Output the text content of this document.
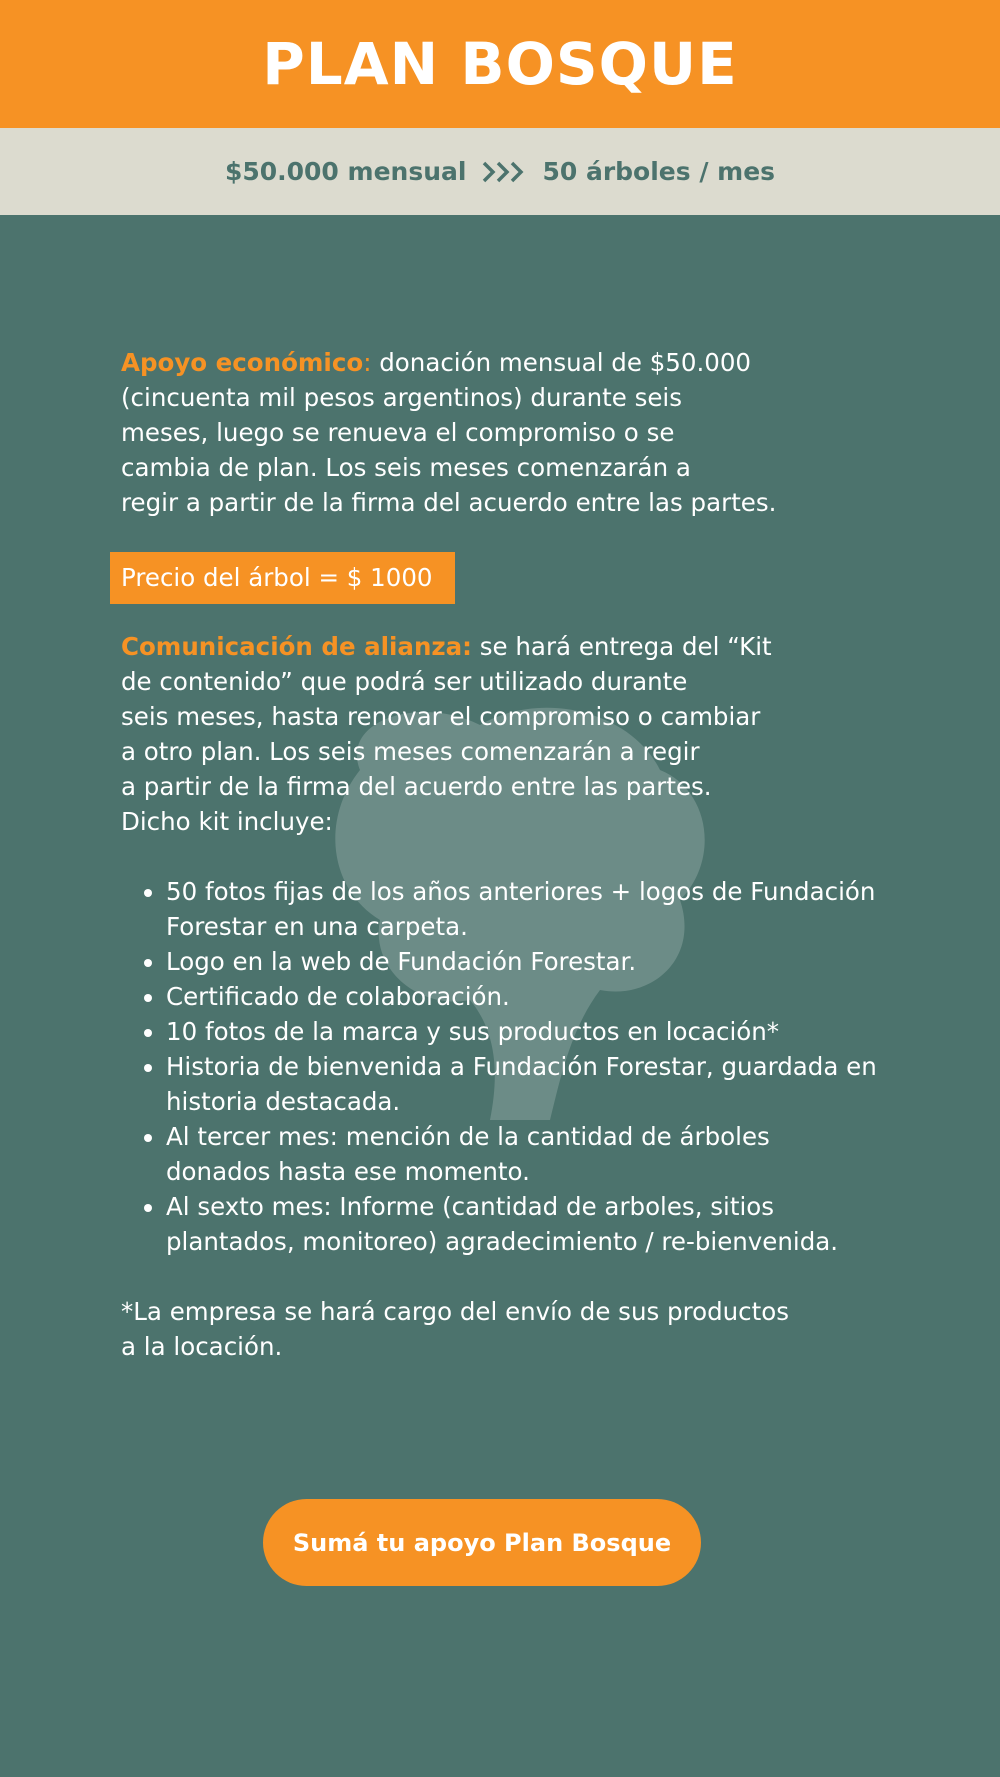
PLAN BOSQUE
$50.000 mensual	50 árboles / mes

Apoyo económico: donación mensual de $50.000
(cincuenta mil pesos argentinos) durante seis
meses, luego se renueva el compromiso o se
cambia de plan. Los seis meses comenzarán a
regir a partir de la firma del acuerdo entre las partes.

Precio del árbol = $ 1000

Comunicación de alianza: se hará entrega del “Kit
de contenido” que podrá ser utilizado durante
seis meses, hasta renovar el compromiso o cambiar
a otro plan. Los seis meses comenzarán a regir
a partir de la firma del acuerdo entre las partes.
Dicho kit incluye:

• 50 fotos fijas de los años anteriores + logos de Fundación Forestar en una carpeta.
• Logo en la web de Fundación Forestar.
• Certificado de colaboración.
• 10 fotos de la marca y sus productos en locación*
• Historia de bienvenida a Fundación Forestar, guardada en historia destacada.
• Al tercer mes: mención de la cantidad de árboles donados hasta ese momento.
• Al sexto mes: Informe (cantidad de arboles, sitios plantados, monitoreo) agradecimiento / re-bienvenida.

*La empresa se hará cargo del envío de sus productos
a la locación.

Sumá tu apoyo Plan Bosque
